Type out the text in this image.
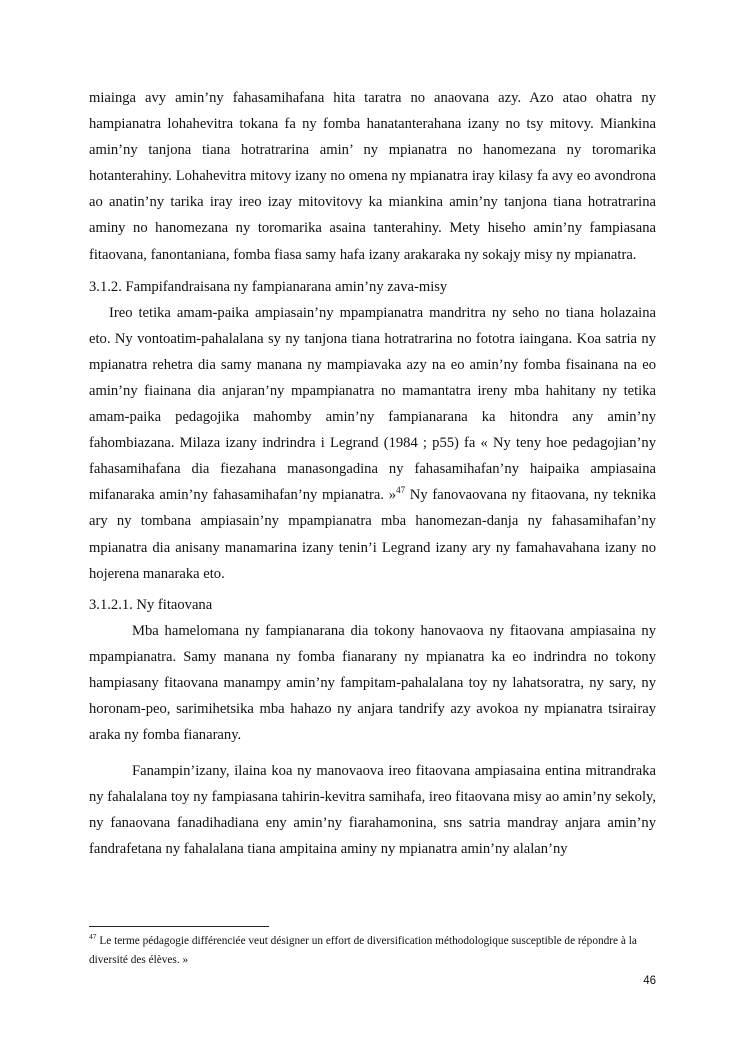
miainga avy amin’ny fahasamihafana hita taratra no anaovana azy. Azo atao ohatra ny hampianatra lohahevitra tokana fa ny fomba hanatanterahana izany no tsy mitovy. Miankina amin’ny tanjona tiana hotratrarina amin’ ny mpianatra no hanomezana ny toromarika hotanterahiny. Lohahevitra mitovy izany no omena ny mpianatra iray kilasy fa avy eo avondrona ao anatin’ny tarika iray ireo izay mitovitovy ka miankina amin’ny tanjona tiana hotratrarina aminy no hanomezana ny toromarika asaina tanterahiny. Mety hiseho amin’ny fampiasana fitaovana, fanontaniana, fomba fiasa samy hafa izany arakaraka ny sokajy misy ny mpianatra.

3.1.2. Fampifandraisana ny fampianarana amin’ny zava-misy

Ireo tetika amam-paika ampiasain’ny mpampianatra mandritra ny seho no tiana holazaina eto. Ny vontoatim-pahalalana sy ny tanjona tiana hotratrarina no fototra iaingana. Koa satria ny mpianatra rehetra dia samy manana ny mampiavaka azy na eo amin’ny fomba fisainana na eo amin’ny fiainana dia anjaran’ny mpampianatra no mamantatra ireny mba hahitany ny tetika amam-paika pedagojika mahomby amin’ny fampianarana ka hitondra any amin’ny fahombiazana. Milaza izany indrindra i Legrand (1984 ; p55) fa « Ny teny hoe pedagojian’ny fahasamihafana dia fiezahana manasongadina ny fahasamihafan’ny haipaika ampiasaina mifanaraka amin’ny fahasamihafan’ny mpianatra. »$^{47}$ Ny fanovaovana ny fitaovana, ny teknika ary ny tombana ampiasain’ny mpampianatra mba hanomezan-danja ny fahasamihafan’ny mpianatra dia anisany manamarina izany tenin’i Legrand izany ary ny famahavahana izany no hojerena manaraka eto.

3.1.2.1. Ny fitaovana

Mba hamelomana ny fampianarana dia tokony hanovaova ny fitaovana ampiasaina ny mpampianatra. Samy manana ny fomba fianarany ny mpianatra ka eo indrindra no tokony hampiasany fitaovana manampy amin’ny fampitam-pahalalana toy ny lahatsoratra, ny sary, ny horonam-peo, sarimihetsika mba hahazo ny anjara tandrify azy avokoa ny mpianatra tsirairay araka ny fomba fianarany.

Fanampin’izany, ilaina koa ny manovaova ireo fitaovana ampiasaina entina mitrandraka ny fahalalana toy ny fampiasana tahirin-kevitra samihafa, ireo fitaovana misy ao amin’ny sekoly, ny fanaovana fanadihadiana eny amin’ny fiarahamonina, sns satria mandray anjara amin’ny fandrafetana ny fahalalana tiana ampitaina aminy ny mpianatra amin’ny alalan’ny

$^{47}$ Le terme pédagogie différenciée veut désigner un effort de diversification méthodologique susceptible de répondre à la diversité des élèves. »
46
